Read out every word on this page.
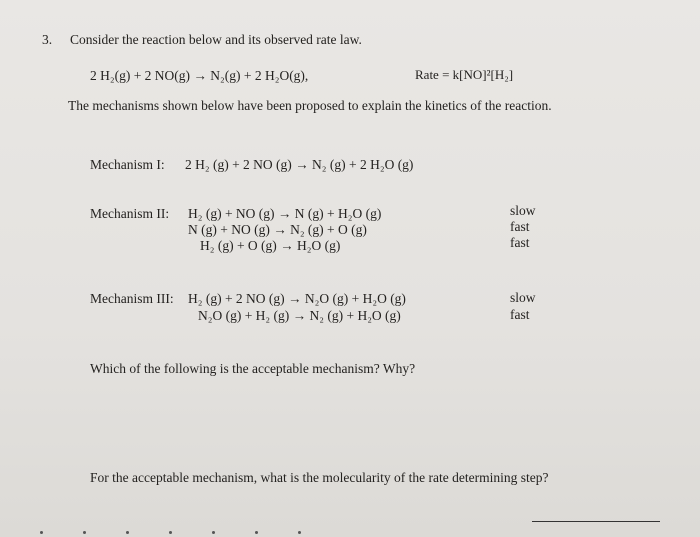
3. Consider the reaction below and its observed rate law.
2 H₂(g) + 2 NO(g) → N₂(g) + 2 H₂O(g),	Rate = k[NO]²[H₂]
The mechanisms shown below have been proposed to explain the kinetics of the reaction.
Mechanism I: 2 H₂ (g) + 2 NO (g) → N₂ (g) + 2 H₂O (g)
Mechanism II: H₂ (g) + NO (g) → N (g) + H₂O (g)
N (g) + NO (g) → N₂ (g) + O (g)
H₂ (g) + O (g) → H₂O (g)
slow
fast
fast
Mechanism III: H₂ (g) + 2 NO (g) → N₂O (g) + H₂O (g)
N₂O (g) + H₂ (g) → N₂ (g) + H₂O (g)
slow
fast
Which of the following is the acceptable mechanism? Why?
For the acceptable mechanism, what is the molecularity of the rate determining step?
